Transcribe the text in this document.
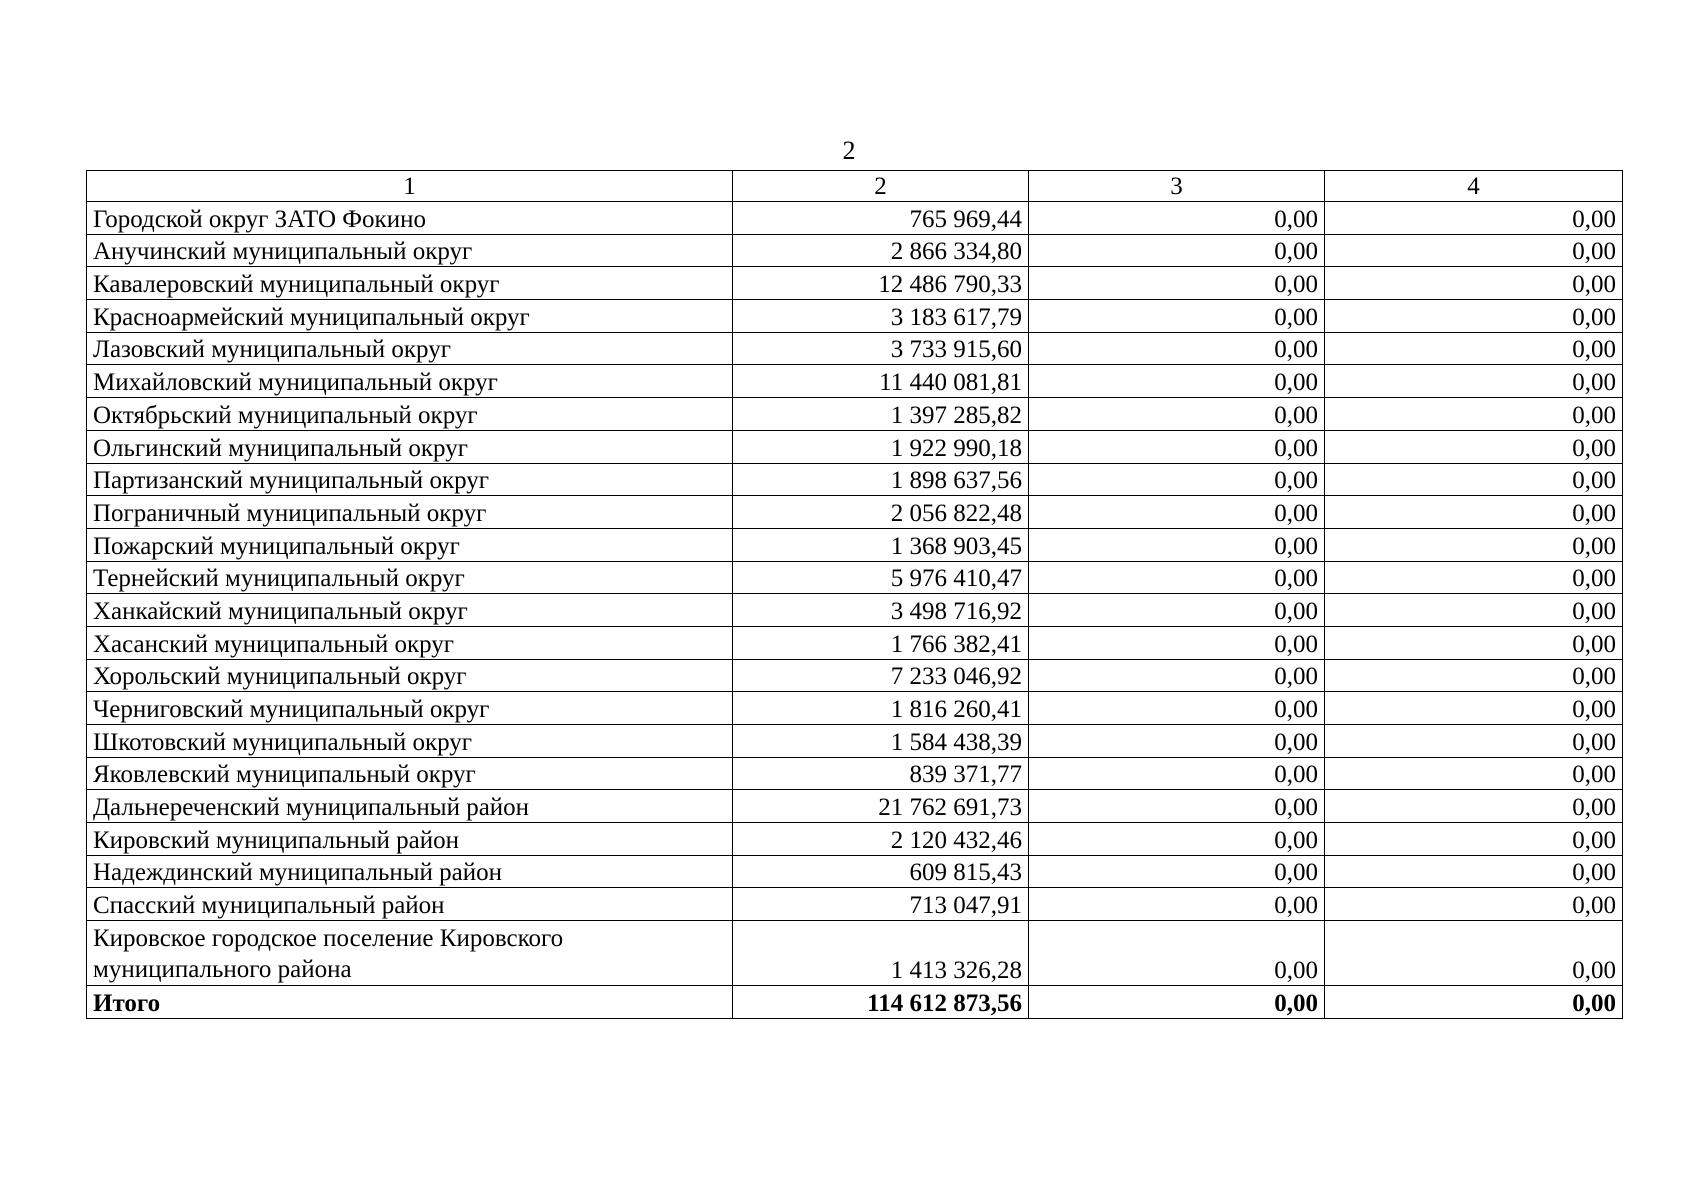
2
1	2	3	4
Городской округ ЗАТО Фокино	765 969,44	0,00	0,00
Анучинский муниципальный округ	2 866 334,80	0,00	0,00
Кавалеровский муниципальный округ	12 486 790,33	0,00	0,00
Красноармейский муниципальный округ	3 183 617,79	0,00	0,00
Лазовский муниципальный округ	3 733 915,60	0,00	0,00
Михайловский муниципальный округ	11 440 081,81	0,00	0,00
Октябрьский муниципальный округ	1 397 285,82	0,00	0,00
Ольгинский муниципальный округ	1 922 990,18	0,00	0,00
Партизанский муниципальный округ	1 898 637,56	0,00	0,00
Пограничный муниципальный округ	2 056 822,48	0,00	0,00
Пожарский муниципальный округ	1 368 903,45	0,00	0,00
Тернейский муниципальный округ	5 976 410,47	0,00	0,00
Ханкайский муниципальный округ	3 498 716,92	0,00	0,00
Хасанский муниципальный округ	1 766 382,41	0,00	0,00
Хорольский муниципальный округ	7 233 046,92	0,00	0,00
Черниговский муниципальный округ	1 816 260,41	0,00	0,00
Шкотовский муниципальный округ	1 584 438,39	0,00	0,00
Яковлевский муниципальный округ	839 371,77	0,00	0,00
Дальнереченский муниципальный район	21 762 691,73	0,00	0,00
Кировский муниципальный район	2 120 432,46	0,00	0,00
Надеждинский муниципальный район	609 815,43	0,00	0,00
Спасский муниципальный район	713 047,91	0,00	0,00
Кировское городское поселение Кировского муниципального района	1 413 326,28	0,00	0,00
Итого	114 612 873,56	0,00	0,00
